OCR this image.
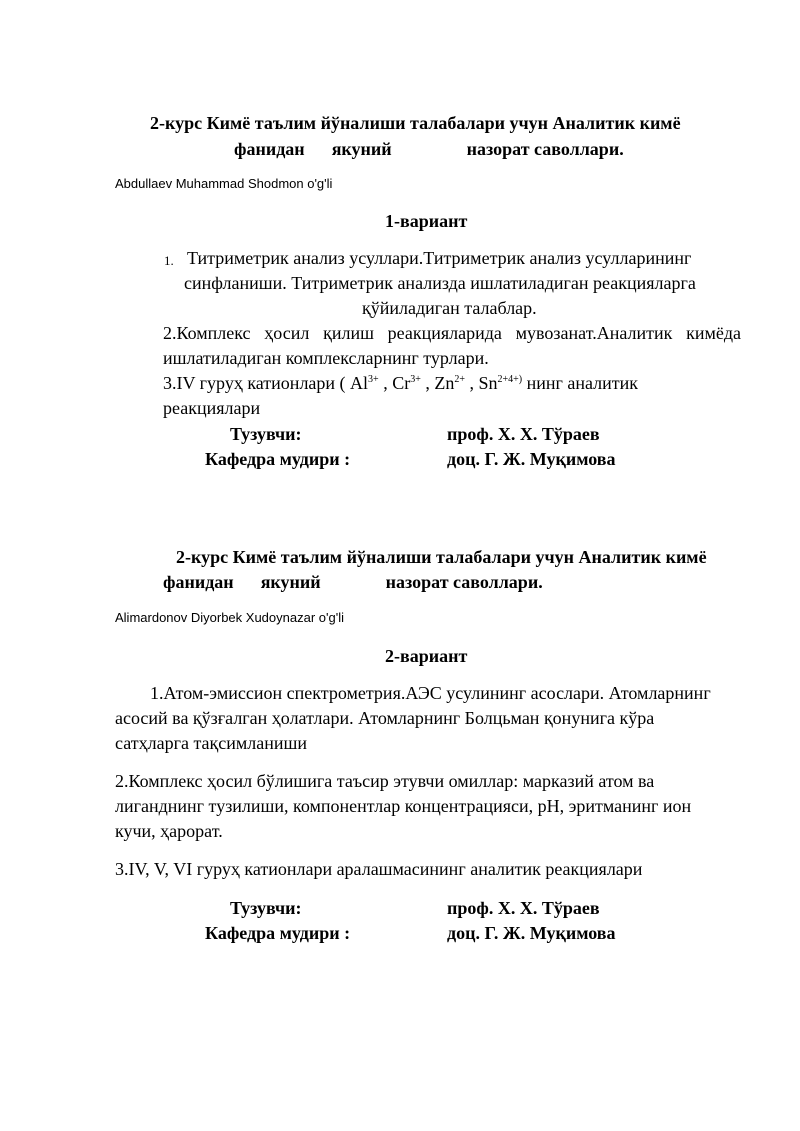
2-курс Кимё таълим йўналиши талабалари учун Аналитик кимё
фанидан якуний	назорат саволлари.
Abdullaev Muhammad Shodmon o'g'li
1-вариант
1. Титриметрик анализ усуллари.Титриметрик анализ усулларининг
синфланиши. Титриметрик анализда ишлатиладиган реакцияларга
қўйиладиган талаблар.
2.Комплекс ҳосил қилиш реакцияларида мувозанат.Аналитик кимёда
ишлатиладиган комплексларнинг турлари.
3.IV гуруҳ катионлари ( $Al^{3+}$ , $Cr^{3+}$ , $Zn^{2+}$ , $Sn^{2+4+)}$ нинг аналитик
реакциялари
Тузувчи:	проф. Х. Х. Тўраев
Кафедра мудири :	доц. Г. Ж. Муқимова
2-курс Кимё таълим йўналиши талабалари учун Аналитик кимё
фанидан якуний	назорат саволлари.
Alimardonov Diyorbek Xudoynazar o'g'li
2-вариант
1.Атом-эмиссион спектрометрия.АЭС усулининг асослари. Атомларнинг
асосий ва қўзғалган ҳолатлари. Атомларнинг Болцьман қонунига кўра
сатҳларга тақсимланиши
2.Комплекс ҳосил бўлишига таъсир этувчи омиллар: марказий атом ва
лиганднинг тузилиши, компонентлар концентрацияси, рН, эритманинг ион
кучи, ҳарорат.
3.IV, V, VI гуруҳ катионлари аралашмасининг аналитик реакциялари
Тузувчи:	проф. Х. Х. Тўраев
Кафедра мудири :	доц. Г. Ж. Муқимова
